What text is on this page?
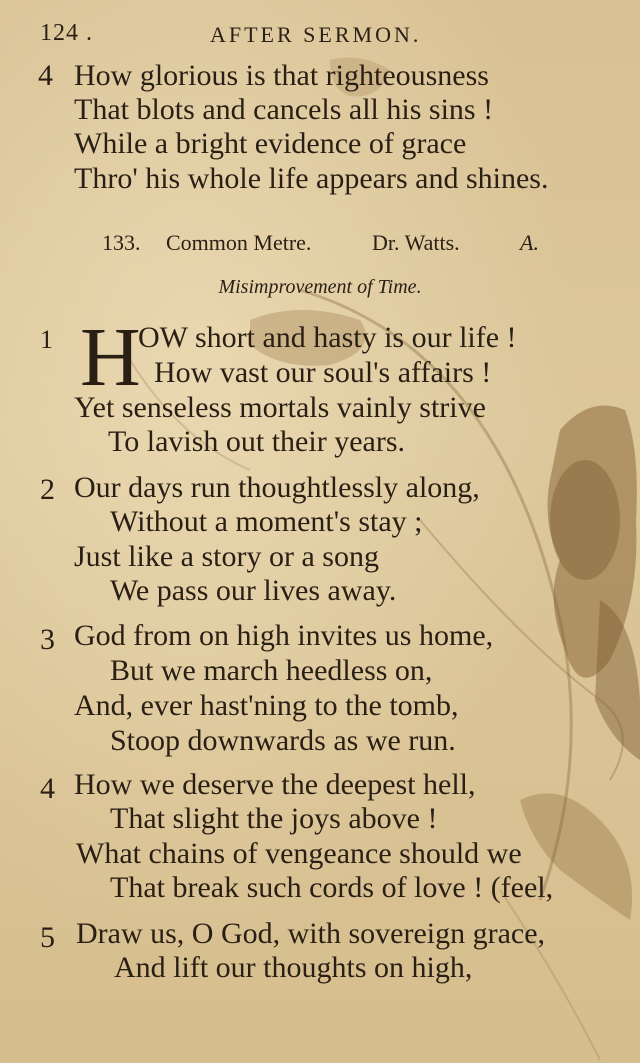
124 .	AFTER SERMON.
4 How glorious is that righteousness
That blots and cancels all his sins !
While a bright evidence of grace
Thro' his whole life appears and shines.
133. Common Metre.	Dr. Watts.	A.
Misimprovement of Time.
1 H
OW short and hasty is our life !
How vast our soul's affairs !
Yet senseless mortals vainly strive
To lavish out their years.
2 Our days run thoughtlessly along,
Without a moment's stay ;
Just like a story or a song
We pass our lives away.
3 God from on high invites us home,
But we march heedless on,
And, ever hast'ning to the tomb,
Stoop downwards as we run.
4 How we deserve the deepest hell,
That slight the joys above !
What chains of vengeance should we
That break such cords of love ! (feel,
5 Draw us, O God, with sovereign grace,
And lift our thoughts on high,
